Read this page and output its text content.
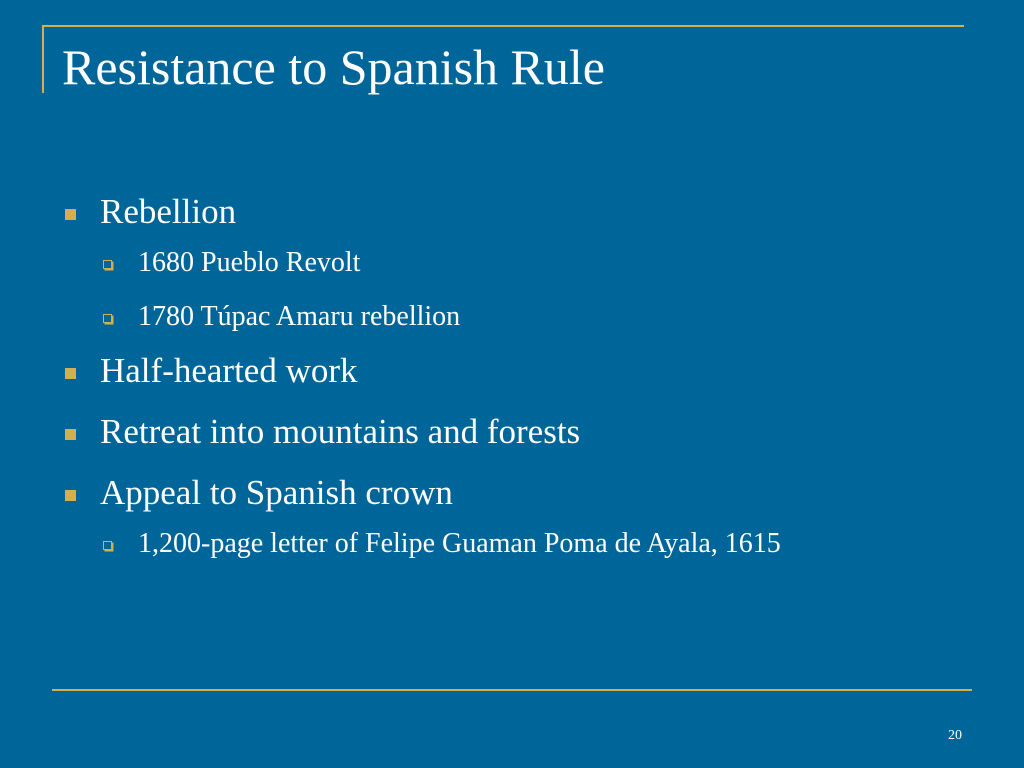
Resistance to Spanish Rule
Rebellion
1680 Pueblo Revolt
1780 Túpac Amaru rebellion
Half-hearted work
Retreat into mountains and forests
Appeal to Spanish crown
1,200-page letter of Felipe Guaman Poma de Ayala, 1615
20
